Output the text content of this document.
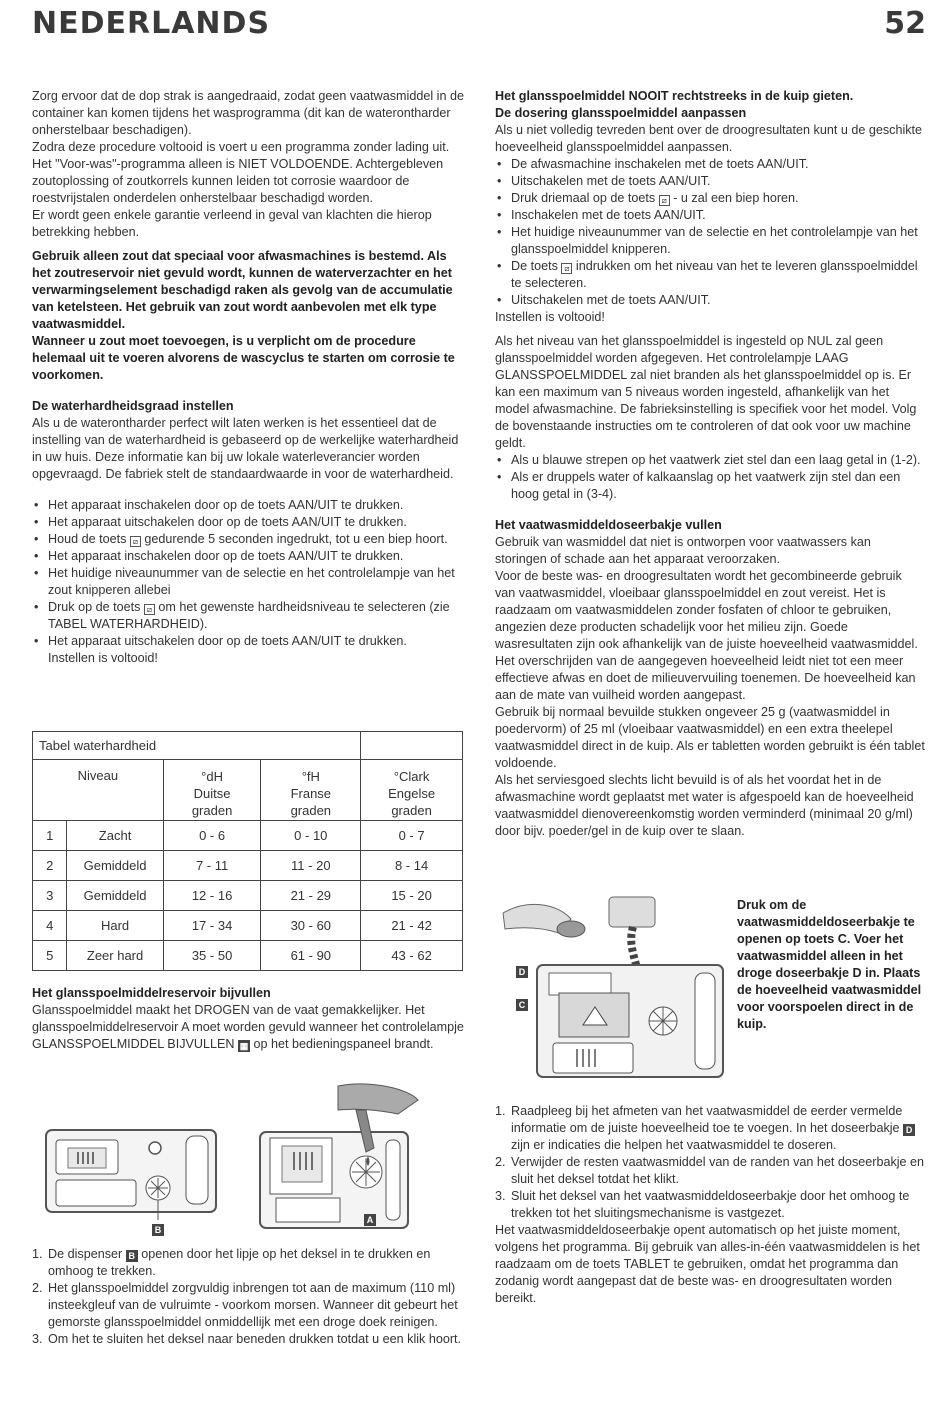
NEDERLANDS	52

Zorg ervoor dat de dop strak is aangedraaid, zodat geen vaatwasmiddel in de container kan komen tijdens het wasprogramma (dit kan de waterontharder onherstelbaar beschadigen).

Zodra deze procedure voltooid is voert u een programma zonder lading uit. Het "Voor-was"-programma alleen is NIET VOLDOENDE. Achtergebleven zoutoplossing of zoutkorrels kunnen leiden tot corrosie waardoor de roestvrijstalen onderdelen onherstelbaar beschadigd worden.

Er wordt geen enkele garantie verleend in geval van klachten die hierop betrekking hebben.

Gebruik alleen zout dat speciaal voor afwasmachines is bestemd. Als het zoutreservoir niet gevuld wordt, kunnen de waterverzachter en het verwarmingselement beschadigd raken als gevolg van de accumulatie van ketelsteen. Het gebruik van zout wordt aanbevolen met elk type vaatwasmiddel.

Wanneer u zout moet toevoegen, is u verplicht om de procedure helemaal uit te voeren alvorens de wascyclus te starten om corrosie te voorkomen.

De waterhardheidsgraad instellen

Als u de waterontharder perfect wilt laten werken is het essentieel dat de instelling van de waterhardheid is gebaseerd op de werkelijke waterhardheid in uw huis. Deze informatie kan bij uw lokale waterleverancier worden opgevraagd. De fabriek stelt de standaardwaarde in voor de waterhardheid.

• Het apparaat inschakelen door op de toets AAN/UIT te drukken.
• Het apparaat uitschakelen door op de toets AAN/UIT te drukken.
• Houd de toets ⧄ gedurende 5 seconden ingedrukt, tot u een biep hoort.
• Het apparaat inschakelen door op de toets AAN/UIT te drukken.
• Het huidige niveaunummer van de selectie en het controlelampje van het zout knipperen allebei
• Druk op de toets ⧄ om het gewenste hardheidsniveau te selecteren (zie TABEL WATERHARDHEID).
• Het apparaat uitschakelen door op de toets AAN/UIT te drukken.

Instellen is voltooid!

Tabel waterhardheid				
Niveau		°dH
Duitse
graden	°fH
Franse
graden	°Clark
Engelse
graden
1	Zacht	0 - 6	0 - 10	0 - 7
2	Gemiddeld	7 - 11	11 - 20	8 - 14
3	Gemiddeld	12 - 16	21 - 29	15 - 20
4	Hard	17 - 34	30 - 60	21 - 42
5	Zeer hard	35 - 50	61 - 90	43 - 62

Het glansspoelmiddelreservoir bijvullen

Glansspoelmiddel maakt het DROGEN van de vaat gemakkelijker. Het glansspoelmiddelreservoir A moet worden gevuld wanneer het controlelampje GLANSSPOELMIDDEL BIJVULLEN ▦ op het bedieningspaneel brandt.

B
A
1. De dispenser B openen door het lipje op het deksel in te drukken en omhoog te trekken.
2. Het glansspoelmiddel zorgvuldig inbrengen tot aan de maximum (110 ml) insteekgleuf van de vulruimte - voorkom morsen. Wanneer dit gebeurt het gemorste glansspoelmiddel onmiddellijk met een droge doek reinigen.
3. Om het te sluiten het deksel naar beneden drukken totdat u een klik hoort.

Het glansspoelmiddel NOOIT rechtstreeks in de kuip gieten.

De dosering glansspoelmiddel aanpassen

Als u niet volledig tevreden bent over de droogresultaten kunt u de geschikte hoeveelheid glansspoelmiddel aanpassen.

• De afwasmachine inschakelen met de toets AAN/UIT.
• Uitschakelen met de toets AAN/UIT.
• Druk driemaal op de toets ⧄ - u zal een biep horen.
• Inschakelen met de toets AAN/UIT.
• Het huidige niveaunummer van de selectie en het controlelampje van het glansspoelmiddel knipperen.
• De toets ⧄ indrukken om het niveau van het te leveren glansspoelmiddel te selecteren.
• Uitschakelen met de toets AAN/UIT.

Instellen is voltooid!

Als het niveau van het glansspoelmiddel is ingesteld op NUL zal geen glansspoelmiddel worden afgegeven. Het controlelampje LAAG GLANSSPOELMIDDEL zal niet branden als het glansspoelmiddel op is. Er kan een maximum van 5 niveaus worden ingesteld, afhankelijk van het model afwasmachine. De fabrieksinstelling is specifiek voor het model. Volg de bovenstaande instructies om te controleren of dat ook voor uw machine geldt.

• Als u blauwe strepen op het vaatwerk ziet stel dan een laag getal in (1-2).
• Als er druppels water of kalkaanslag op het vaatwerk zijn stel dan een hoog getal in (3-4).

Het vaatwasmiddeldoseerbakje vullen

Gebruik van wasmiddel dat niet is ontworpen voor vaatwassers kan storingen of schade aan het apparaat veroorzaken.

Voor de beste was- en droogresultaten wordt het gecombineerde gebruik van vaatwasmiddel, vloeibaar glansspoelmiddel en zout vereist. Het is raadzaam om vaatwasmiddelen zonder fosfaten of chloor te gebruiken, angezien deze producten schadelijk voor het milieu zijn. Goede wasresultaten zijn ook afhankelijk van de juiste hoeveelheid vaatwasmiddel.

Het overschrijden van de aangegeven hoeveelheid leidt niet tot een meer effectieve afwas en doet de milieuvervuiling toenemen. De hoeveelheid kan aan de mate van vuilheid worden aangepast.

Gebruik bij normaal bevuilde stukken ongeveer 25 g (vaatwasmiddel in poedervorm) of 25 ml (vloeibaar vaatwasmiddel) en een extra theelepel vaatwasmiddel direct in de kuip. Als er tabletten worden gebruikt is één tablet voldoende.

Als het serviesgoed slechts licht bevuild is of als het voordat het in de afwasmachine wordt geplaatst met water is afgespoeld kan de hoeveelheid vaatwasmiddel dienovereenkomstig worden verminderd (minimaal 20 g/ml) door bijv. poeder/gel in de kuip over te slaan.

D
C
Druk om de vaatwasmiddeldoseerbakje te openen op toets C. Voer het vaatwasmiddel alleen in het droge doseerbakje D in. Plaats de hoeveelheid vaatwasmiddel voor voorspoelen direct in de kuip.
1. Raadpleeg bij het afmeten van het vaatwasmiddel de eerder vermelde informatie om de juiste hoeveelheid toe te voegen. In het doseerbakje D zijn er indicaties die helpen het vaatwasmiddel te doseren.
2. Verwijder de resten vaatwasmiddel van de randen van het doseerbakje en sluit het deksel totdat het klikt.
3. Sluit het deksel van het vaatwasmiddeldoseerbakje door het omhoog te trekken tot het sluitingsmechanisme is vastgezet.

Het vaatwasmiddeldoseerbakje opent automatisch op het juiste moment, volgens het programma. Bij gebruik van alles-in-één vaatwasmiddelen is het raadzaam om de toets TABLET te gebruiken, omdat het programma dan zodanig wordt aangepast dat de beste was- en droogresultaten worden bereikt.
